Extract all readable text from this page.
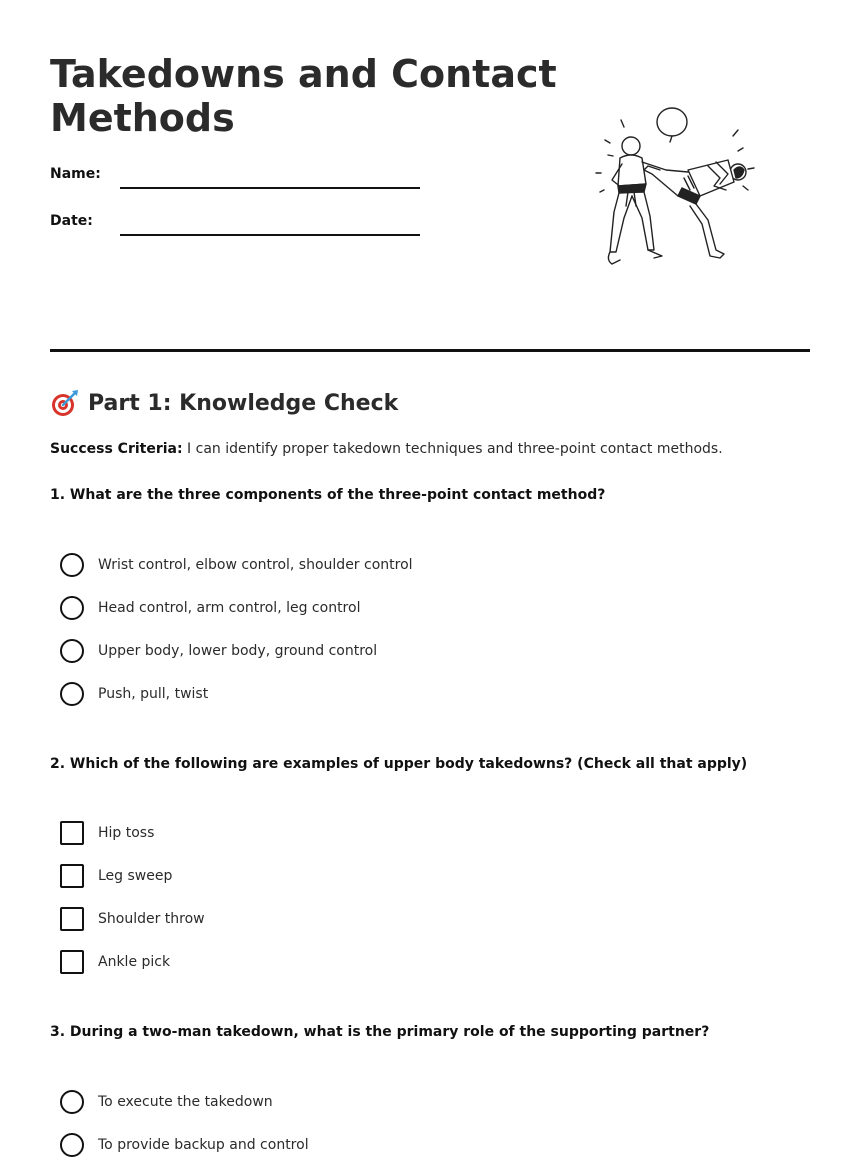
Takedowns and Contact Methods
Name:
Date:
Part 1: Knowledge Check
Success Criteria: I can identify proper takedown techniques and three-point contact methods.
1. What are the three components of the three-point contact method?
Wrist control, elbow control, shoulder control
Head control, arm control, leg control
Upper body, lower body, ground control
Push, pull, twist
2. Which of the following are examples of upper body takedowns? (Check all that apply)
Hip toss
Leg sweep
Shoulder throw
Ankle pick
3. During a two-man takedown, what is the primary role of the supporting partner?
To execute the takedown
To provide backup and control
